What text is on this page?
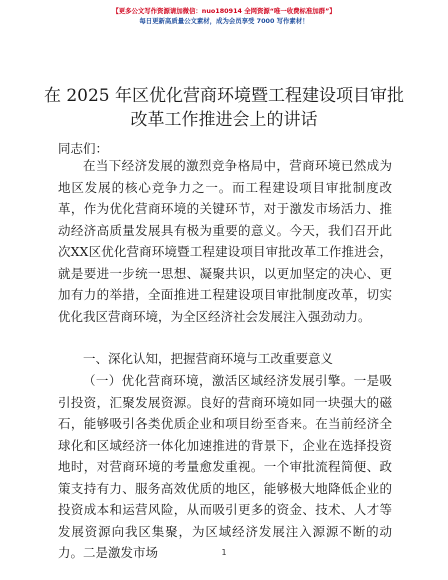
【更多公文写作资源请加微信：nuo180914 全网资源“唯一收费标准加群”】
每日更新高质量公文素材，成为会员享受 7000 写作素材！
在 2025 年区优化营商环境暨工程建设项目审批
改革工作推进会上的讲话
同志们：

在当下经济发展的激烈竞争格局中，营商环境已然成为地区发展的核心竞争力之一。而工程建设项目审批制度改革，作为优化营商环境的关键环节，对于激发市场活力、推动经济高质量发展具有极为重要的意义。今天，我们召开此次XX区优化营商环境暨工程建设项目审批改革工作推进会，就是要进一步统一思想、凝聚共识，以更加坚定的决心、更加有力的举措，全面推进工程建设项目审批制度改革，切实优化我区营商环境，为全区经济社会发展注入强劲动力。

一、深化认知，把握营商环境与工改重要意义

（一）优化营商环境，激活区域经济发展引擎。一是吸引投资，汇聚发展资源。良好的营商环境如同一块强大的磁石，能够吸引各类优质企业和项目纷至沓来。在当前经济全球化和区域经济一体化加速推进的背景下，企业在选择投资地时，对营商环境的考量愈发重视。一个审批流程简便、政策支持有力、服务高效优质的地区，能够极大地降低企业的投资成本和运营风险，从而吸引更多的资金、技术、人才等发展资源向我区集聚，为区域经济发展注入源源不断的动力。二是激发市场	1
